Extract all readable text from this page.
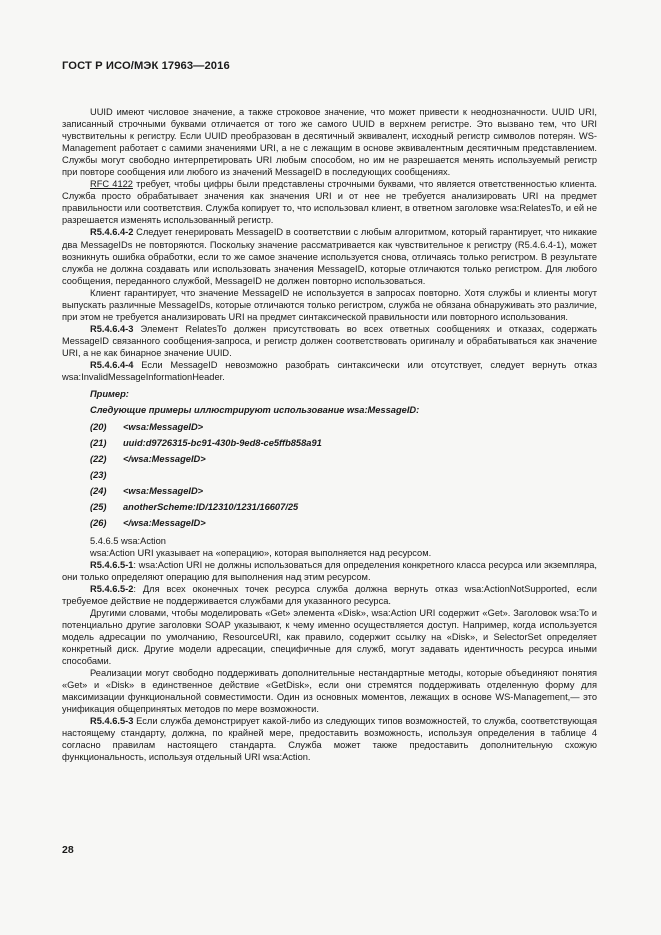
ГОСТ Р ИСО/МЭК 17963—2016

UUID имеют числовое значение, а также строковое значение, что может привести к неоднозначности. UUID URI, записанный строчными буквами отличается от того же самого UUID в верхнем регистре. Это вызвано тем, что URI чувствительны к регистру. Если UUID преобразован в десятичный эквивалент, исходный регистр символов потерян. WS-Management работает с самими значениями URI, а не с лежащим в основе эквивалентным десятичным представлением. Службы могут свободно интерпретировать URI любым способом, но им не разрешается менять используемый регистр при повторе сообщения или любого из значений MessageID в последующих сообщениях.

RFC 4122 требует, чтобы цифры были представлены строчными буквами, что является ответственностью клиента. Служба просто обрабатывает значения как значения URI и от нее не требуется анализировать URI на предмет правильности или соответствия. Служба копирует то, что использовал клиент, в ответном заголовке wsa:RelatesTo, и ей не разрешается изменять использованный регистр.

R5.4.6.4-2 Следует генерировать MessageID в соответствии с любым алгоритмом, который гарантирует, что никакие два MessageIDs не повторяются. Поскольку значение рассматривается как чувствительное к регистру (R5.4.6.4-1), может возникнуть ошибка обработки, если то же самое значение используется снова, отличаясь только регистром. В результате служба не должна создавать или использовать значения MessageID, которые отличаются только регистром. Для любого сообщения, переданного службой, MessageID не должен повторно использоваться.

Клиент гарантирует, что значение MessageID не используется в запросах повторно. Хотя службы и клиенты могут выпускать различные MessageIDs, которые отличаются только регистром, служба не обязана обнаруживать это различие, при этом не требуется анализировать URI на предмет синтаксической правильности или повторного использования.

R5.4.6.4-3 Элемент RelatesTo должен присутствовать во всех ответных сообщениях и отказах, содержать MessageID связанного сообщения-запроса, и регистр должен соответствовать оригиналу и обрабатываться как значение URI, а не как бинарное значение UUID.

R5.4.6.4-4 Если MessageID невозможно разобрать синтаксически или отсутствует, следует вернуть отказ wsa:InvalidMessageInformationHeader.

Пример:

Следующие примеры иллюстрируют использование wsa:MessageID:

(20)	<wsa:MessageID>
(21)	uuid:d9726315-bc91-430b-9ed8-ce5ffb858a91
(22)	</wsa:MessageID>
(23)
(24)	<wsa:MessageID>
(25)	anotherScheme:ID/12310/1231/16607/25
(26)	</wsa:MessageID>

5.4.6.5 wsa:Action

wsa:Action URI указывает на «операцию», которая выполняется над ресурсом.

R5.4.6.5-1: wsa:Action URI не должны использоваться для определения конкретного класса ресурса или экземпляра, они только определяют операцию для выполнения над этим ресурсом.

R5.4.6.5-2: Для всех оконечных точек ресурса служба должна вернуть отказ wsa:ActionNotSupported, если требуемое действие не поддерживается службами для указанного ресурса.

Другими словами, чтобы моделировать «Get» элемента «Disk», wsa:Action URI содержит «Get». Заголовок wsa:To и потенциально другие заголовки SOAP указывают, к чему именно осуществляется доступ. Например, когда используется модель адресации по умолчанию, ResourceURI, как правило, содержит ссылку на «Disk», и SelectorSet определяет конкретный диск. Другие модели адресации, специфичные для служб, могут задавать идентичность ресурса иными способами.

Реализации могут свободно поддерживать дополнительные нестандартные методы, которые объединяют понятия «Get» и «Disk» в единственное действие «GetDisk», если они стремятся поддерживать отделенную форму для максимизации функциональной совместимости. Один из основных моментов, лежащих в основе WS-Management,— это унификация общепринятых методов по мере возможности.

R5.4.6.5-3 Если служба демонстрирует какой-либо из следующих типов возможностей, то служба, соответствующая настоящему стандарту, должна, по крайней мере, предоставить возможность, используя определения в таблице 4 согласно правилам настоящего стандарта. Служба может также предоставить дополнительную схожую функциональность, используя отдельный URI wsa:Action.

28
